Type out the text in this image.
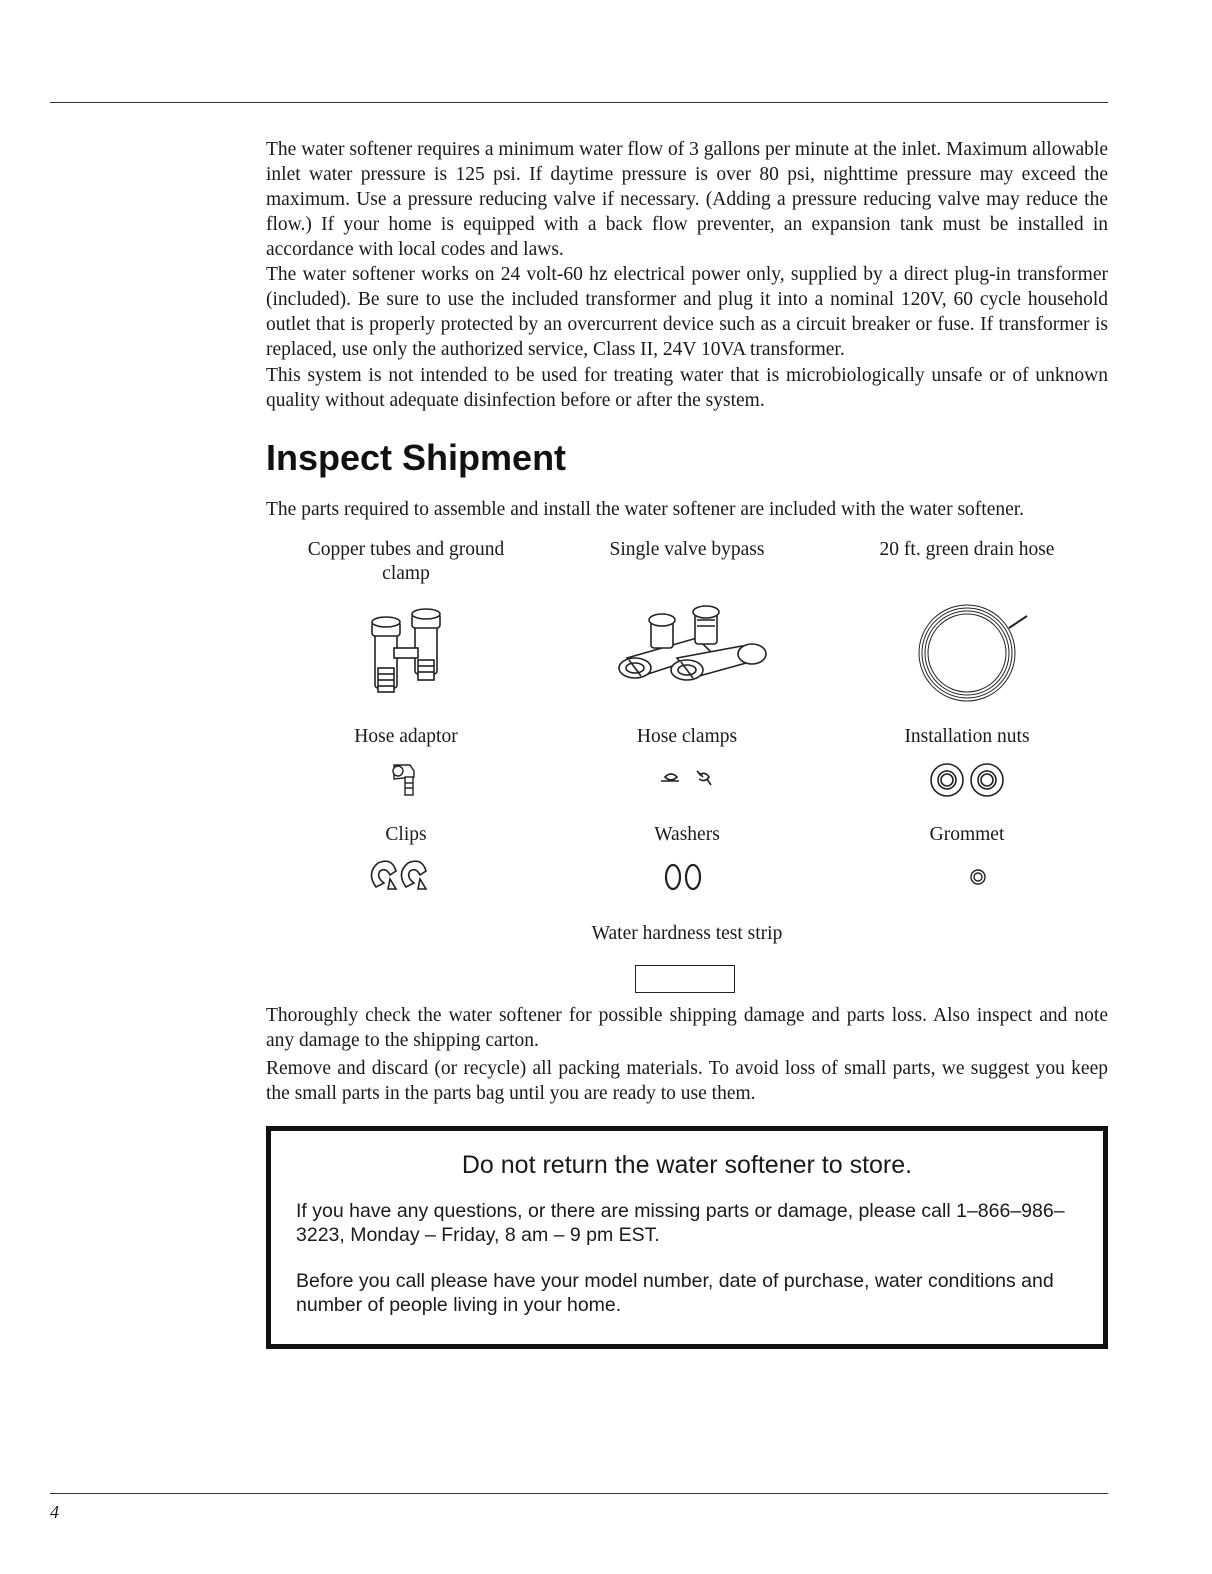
The water softener requires a minimum water flow of 3 gallons per minute at the inlet. Maximum allowable inlet water pressure is 125 psi. If daytime pressure is over 80 psi, nighttime pressure may exceed the maximum. Use a pressure reducing valve if necessary. (Adding a pressure reducing valve may reduce the flow.) If your home is equipped with a back flow preventer, an expansion tank must be installed in accordance with local codes and laws.

The water softener works on 24 volt-60 hz electrical power only, supplied by a direct plug-in transformer (included). Be sure to use the included transformer and plug it into a nominal 120V, 60 cycle household outlet that is properly protected by an overcurrent device such as a circuit breaker or fuse. If transformer is replaced, use only the authorized service, Class II, 24V 10VA transformer.

This system is not intended to be used for treating water that is microbiologically unsafe or of unknown quality without adequate disinfection before or after the system.

Inspect Shipment

The parts required to assemble and install the water softener are included with the water softener.

Copper tubes and ground clamp
Single valve bypass	20 ft. green drain hose
Hose adaptor	Hose clamps	Installation nuts
Clips	Washers	Grommet
Water hardness test strip

Thoroughly check the water softener for possible shipping damage and parts loss. Also inspect and note any damage to the shipping carton.

Remove and discard (or recycle) all packing materials. To avoid loss of small parts, we suggest you keep the small parts in the parts bag until you are ready to use them.

Do not return the water softener to store.

If you have any questions, or there are missing parts or damage, please call 1–866–986–3223, Monday – Friday, 8 am – 9 pm EST.

Before you call please have your model number, date of purchase, water conditions and number of people living in your home.

4
